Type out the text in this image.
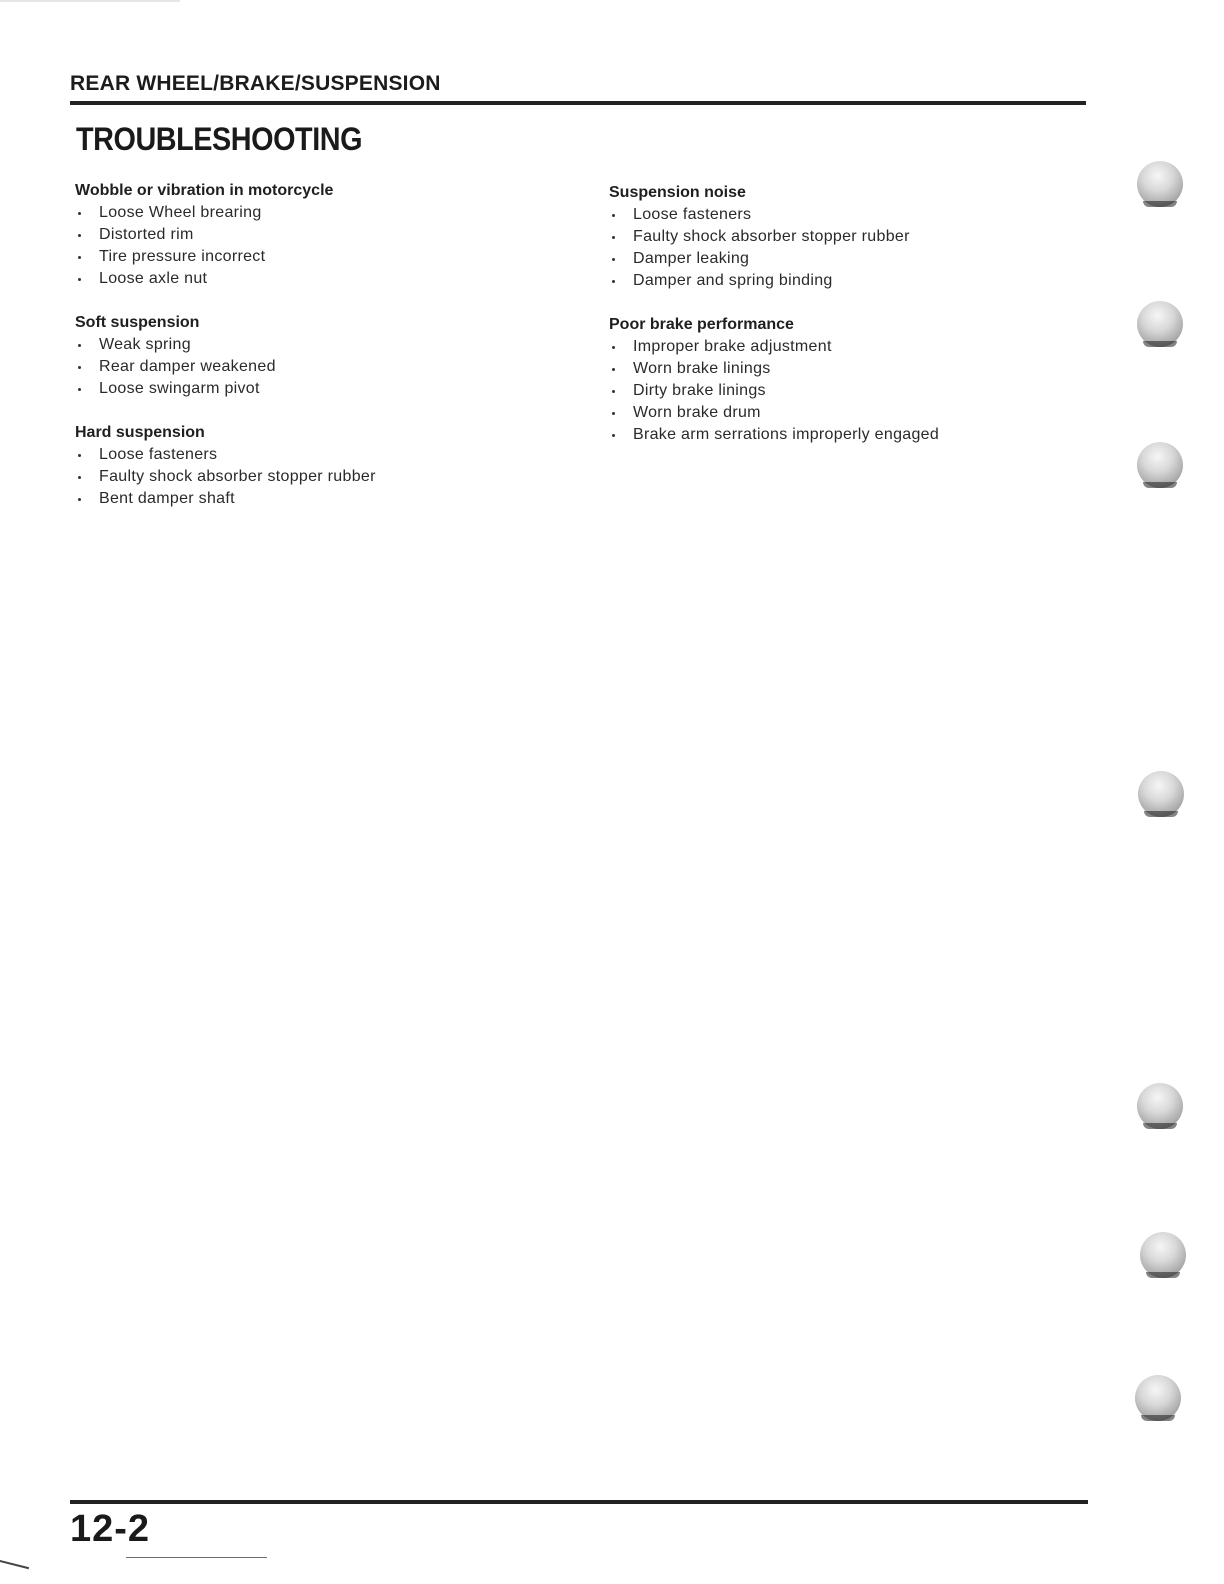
REAR WHEEL/BRAKE/SUSPENSION
TROUBLESHOOTING
Wobble or vibration in motorcycle
Loose Wheel brearing
Distorted rim
Tire pressure incorrect
Loose axle nut
Soft suspension
Weak spring
Rear damper weakened
Loose swingarm pivot
Hard suspension
Loose fasteners
Faulty shock absorber stopper rubber
Bent damper shaft
Suspension noise
Loose fasteners
Faulty shock absorber stopper rubber
Damper leaking
Damper and spring binding
Poor brake performance
Improper brake adjustment
Worn brake linings
Dirty brake linings
Worn brake drum
Brake arm serrations improperly engaged
12-2
